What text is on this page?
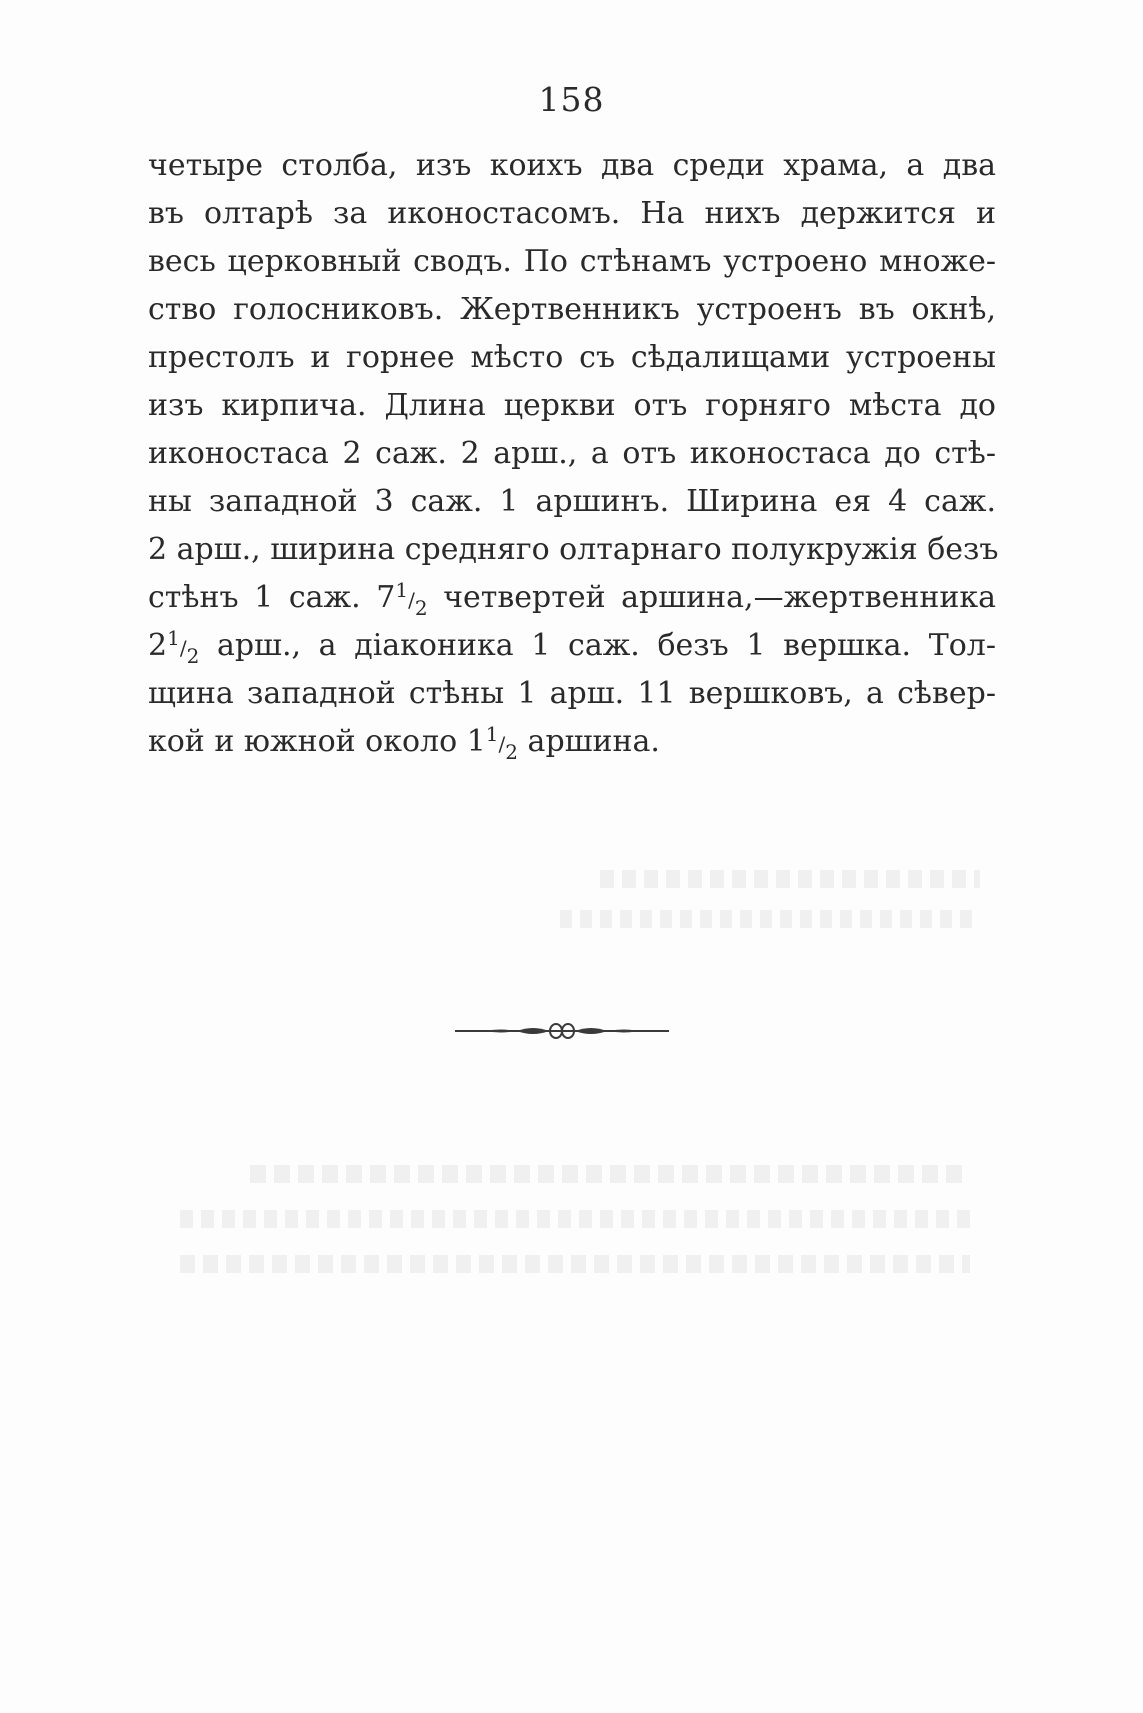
158
четыре столба, изъ коихъ два среди храма, а два
въ олтарѣ за иконостасомъ. На нихъ держится и
весь церковный сводъ. По стѣнамъ устроено множе-
ство голосниковъ. Жертвенникъ устроенъ въ окнѣ,
престолъ и горнее мѣсто съ сѣдалищами устроены
изъ кирпича. Длина церкви отъ горняго мѣста до
иконостаса 2 саж. 2 арш., а отъ иконостаса до стѣ-
ны западной 3 саж. 1 аршинъ. Ширина ея 4 саж.
2 арш., ширина средняго олтарнаго полукружія безъ
стѣнъ 1 саж. 71/2 четвертей аршина,—жертвенника
21/2 арш., а діаконика 1 саж. безъ 1 вершка. Тол-
щина западной стѣны 1 арш. 11 вершковъ, а сѣвер-
кой и южной около 11/2 аршина.
